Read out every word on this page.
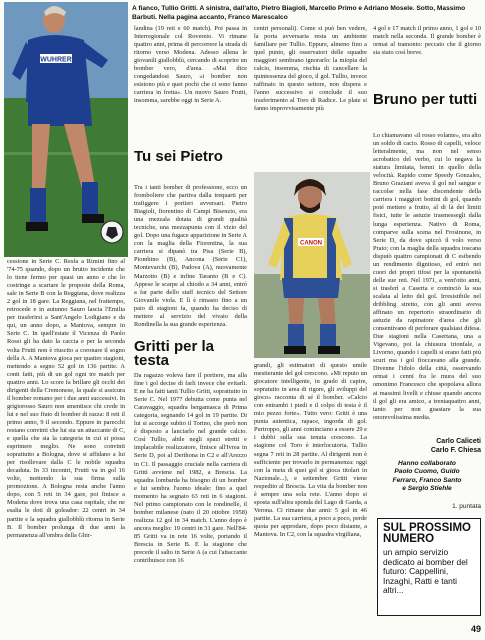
WUHRER
A fianco, Tullio Gritti. A sinistra, dall'alto, Pietro Biagioli, Marcello Primo e Adriano Mosele. Sotto, Massimo Barbuti. Nella pagina accanto, Franco Marescalco

cessione in Serie C. Resfa a Rimini fino al '74-75 quando, dopo un brutto incidente che lo tiene fermo per quasi un anno e che lo costringe a scartare le proposte della Roma, sale in Serie B con la Reggiana, dove realizza 2 gol in 18 gare. La Reggiana, nel frattempo, retrocede e in autunno Sauro lascia l'Emilia per trasferirsi a Sant'Angelo Lodigiano e da qui, un anno dopo, a Mantova, sempre in Serie C. In quell'estate il Vicenza di Paolo Rossi gli ha dato la caccia e per la seconda volta Frutti non è riuscito a coronare il sogno della A. A Mantova gioca per quattro stagioni, mettendo a segno 52 gol in 136 partite. A conti fatti, più di un gol ogni tre match per quattro anni. Lo score fa brillare gli occhi dei dirigenti della Cremonese, la quale si assicura il bomber romano per i due anni successivi. In grigiorosso Sauro non smentisce chi crede in lui e nel suo fiuto di bomber di razza: 8 reti il primo anno, 9 il secondo. Eppure in parecchi restano convinti che lui sia un attaccante di C, e quella che sia la categoria in cui si possa esprimere meglio. Ne sono convinti soprattutto a Bologna, dove si affidano a lui per risollevare dalla C le nobile squadra decaduta. In 33 incontri, Frutti va in gol 16 volte, mettendo la sua firma sulla promozione. A Bologna resta anche l'anno dopo, con 5 reti in 34 gare, poi finisce a Modena dove trova una casa ospitale, che ne esalta le doti di goleador: 22 centri in 34 partite e la squadra giallobblù ritorna in Serie B. Il bomber prolunga di due anni la permanenza all'ombra della Ghir-

landina (19 reti e 60 match). Poi passa in Interregionale col Rovereto. Vi rimane quattro anni, prima di percorrere la strada di ritorno verso Modena. Adesso allena le giovanili giallobblù, cercando di scoprire un bomber vero, d'area. «Mai dice congedandosi Sauro, «i bomber non esistono più e quei pochi che ci sono fanno carriera in fretta». Un nuovo Sauro Frutti, insomma, sarebbe oggi in Serie A.

Tu sei Pietro

Tra i tanti bomber di professione, ecco un fromboliere che partiva dalla trequarti per trafiggere i portieri avversari. Pietro Biagioli, fiorentino di Campi Bisenzio, era una mezzala dotata di grandi qualità tecniche, una mezzapunta con il vizio del gol. Dopo una fugace apparizione in Serie A con la maglia della Fiorentina, la sua carriera si dipanò tra Pisa (Serie B), Piombino (B), Ancona (Serie C1), Montevarchi (B), Padova (A), nuovamente Marzotto (B) e infine Taranto (B e C). Appese le scarpe al chiodo a 34 anni, entrò a far parte dello staff tecnico del Settore Giovanile viola. E lì è rimasto fino a un paio di stagioni fa, quando ha deciso di mettere al servizio del vivaio della Rondinella la sua grande esperienza.

Gritti per la testa

Da ragazzo voleva fare il portiere, ma alla fine i gol decise di farli invece che evitarli. E ne ha fatti tanti Tullio Gritti, soprattutto in Serie C. Nel 1977 debutta come punta nel Caravaggio, squadra bergamasca di Prima categoria, segnando 14 gol in 19 partite. Di lui si accorge subito il Torino, che però non è disposto a lanciarlo nel grande calcio. Così Tullio, abile negli spazi stretti e implacabile realizzatore, finisce all'Ivrea in Serie D, poi al Derthona in C2 e all'Arezzo in C1. Il passaggio cruciale nella carriera di Gritti avviene nel 1982, a Brescia. La squadra lombarda ha bisogno di un bomber e lui sembra l'uomo ideale: fino a quel momento ha segnato 63 reti in 6 stagioni. Nel primo campionato con le rondinelle, il bomber milanese (nato il 20 ottobre 1958) realizza 12 gol in 34 match. L'anno dopo è ancora meglio: 19 centri in 31 gare. Nell'84-85 Gritti va in rete 16 volte, portando il Brescia in Serie B. E la stagione che precede il salto in Serie A (a cui l'attaccante contribuisce con 16

centri personali). Come si può ben vedere, la porta avversaria resta un ambiente familiare per Tullio. Eppure, almeno fino a quel punto, gli osservatori delle squadre maggiori sembrano ignorarlo: la miopia del calcio, insomma, rischia di cancellare la quintessenza del gioco, il gol. Tullio, invece raffinato in questo settore, non dispera e l'anno successivo si conclude il suo trasferimento al Toro di Radice. Le plate si fanno improvvisamente più

CANON

grandi, gli estimatori di questo umile mestierante del gol crescono. «Mi reputo un giocatore intelligente, in grado di capire, sopratutto in area di rigore, gli sviluppi del gioco» racconta di sé il bomber. «Calcio con entrambi i piedi e il colpo di testa è il mio pezzo forte». Tutto vero: Gritti è una punta autentica, rapace, ingorda di gol. Purtroppo, gli anni cominciano a essere 29 e i dubbi sulla sua tenuta crescono. La stagione col Toro è interlocutoria. Tullio segna 7 reti in 28 partite. Al dirigenti non è sufficiente per trovarlo in permanenza: oggi con la meta di quei gol si gioca titolari in Nazionale...), e settembre Gritti viene respedito al Brescia. La vita da bomber non è sempre una sola rete. L'anno dopo si sposta sull'altra sponda del Lago di Garda, a Verona. Ci rimane due anni: 5 gol in 46 partite. La sua carriera, a poco a poco, perde quota per approdare, dopo poco distante, a Mantova. In C2, con la squadra virgiliana,

4 gol e 17 match il primo anno, 1 gol e 10 match nella seconda. Il grande bomber è ormai al tramonto: peccato che il giorno sia stato così breve.

Bruno per tutti

Lo chiamavano «il rosso volante», era alto un soldo di cacio. Rosso di capelli, veloce letteralmente, ma non nel senso acrobatico del verbo, cui lo negava la statura limitata, benni in quello della velocità. Rapido come Speedy Gonzales, Bruno Graziani aveva il gol nel sangue e raccolse nella fase discendente della carriera i maggiori bottini di gol, quando poté mettere a frutto, al di là dei limiti fisici, tutte le astuzie trasmessegli dalla lunga esperienza. Nativo di Roma, comparve sulla scena nel Frosinone, in Serie D, da dove spiccò il volo verso Prato; con la maglia della squadra toscana disputò quattro campionati di C esibendo un rendimento dignitoso, ed entrò nei cuori dei propri tifosi per la spontaneità delle sue reti. Nel 1971, a vent'otto anni, si trasferì a Caserta e cominciò la sua scalata al letto del gol. Irresistibile nel dribbling stretto, con gli anni aveva affinato un repertorio straordinario di astuzie da rapinatore d'area che gli consentivano di perforare qualsiasi difesa. Due stagioni nella Casertana, una a Vigevano, poi la chiusura trionfale, a Livorno, quando i capelli si erano fatti più scuri ma i gol fioccavano alla grande. Divenne l'idolo della città, osservando ormai i cenni fra le mura del suo omonimo Francesco che spopolava allora ai massimi livelli e chiuse quando ancora il gol gli era amico, a trentaquattro anni, tanto per non guastare la sua onorevolissima media.

Carlo Caliceti
Carlo F. Chiesa
Hanno collaborato
Paolo Cuomo, Guido
Ferraro, Franco Santo
e Sergio Stiehle
1. puntata
SUL PROSSIMO
NUMERO
un ampio servizio dedicato ai bomber del futuro: Cappellini, Inzaghi, Ratti e tanti altri...
49
